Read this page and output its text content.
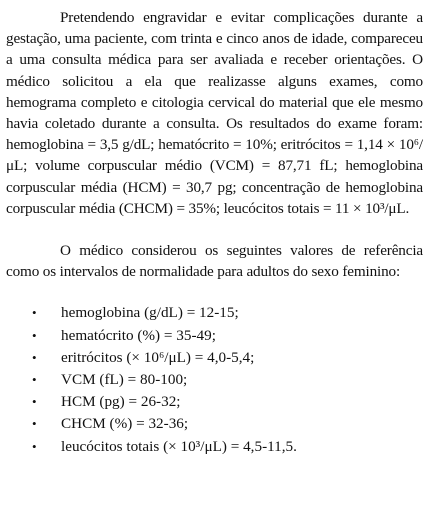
Pretendendo engravidar e evitar complicações durante a gestação, uma paciente, com trinta e cinco anos de idade, compareceu a uma consulta médica para ser avaliada e receber orientações. O médico solicitou a ela que realizasse alguns exames, como hemograma completo e citologia cervical do material que ele mesmo havia coletado durante a consulta. Os resultados do exame foram: hemoglobina = 3,5 g/dL; hematócrito = 10%; eritrócitos = 1,14 × 10⁶/μL; volume corpuscular médio (VCM) = 87,71 fL; hemoglobina corpuscular média (HCM) = 30,7 pg; concentração de hemoglobina corpuscular média (CHCM) = 35%; leucócitos totais = 11 × 10³/μL.

O médico considerou os seguintes valores de referência como os intervalos de normalidade para adultos do sexo feminino:

• hemoglobina (g/dL) = 12-15;
• hematócrito (%) = 35-49;
• eritrócitos (× 10⁶/μL) = 4,0-5,4;
• VCM (fL) = 80-100;
• HCM (pg) = 26-32;
• CHCM (%) = 32-36;
• leucócitos totais (× 10³/μL) = 4,5-11,5.
